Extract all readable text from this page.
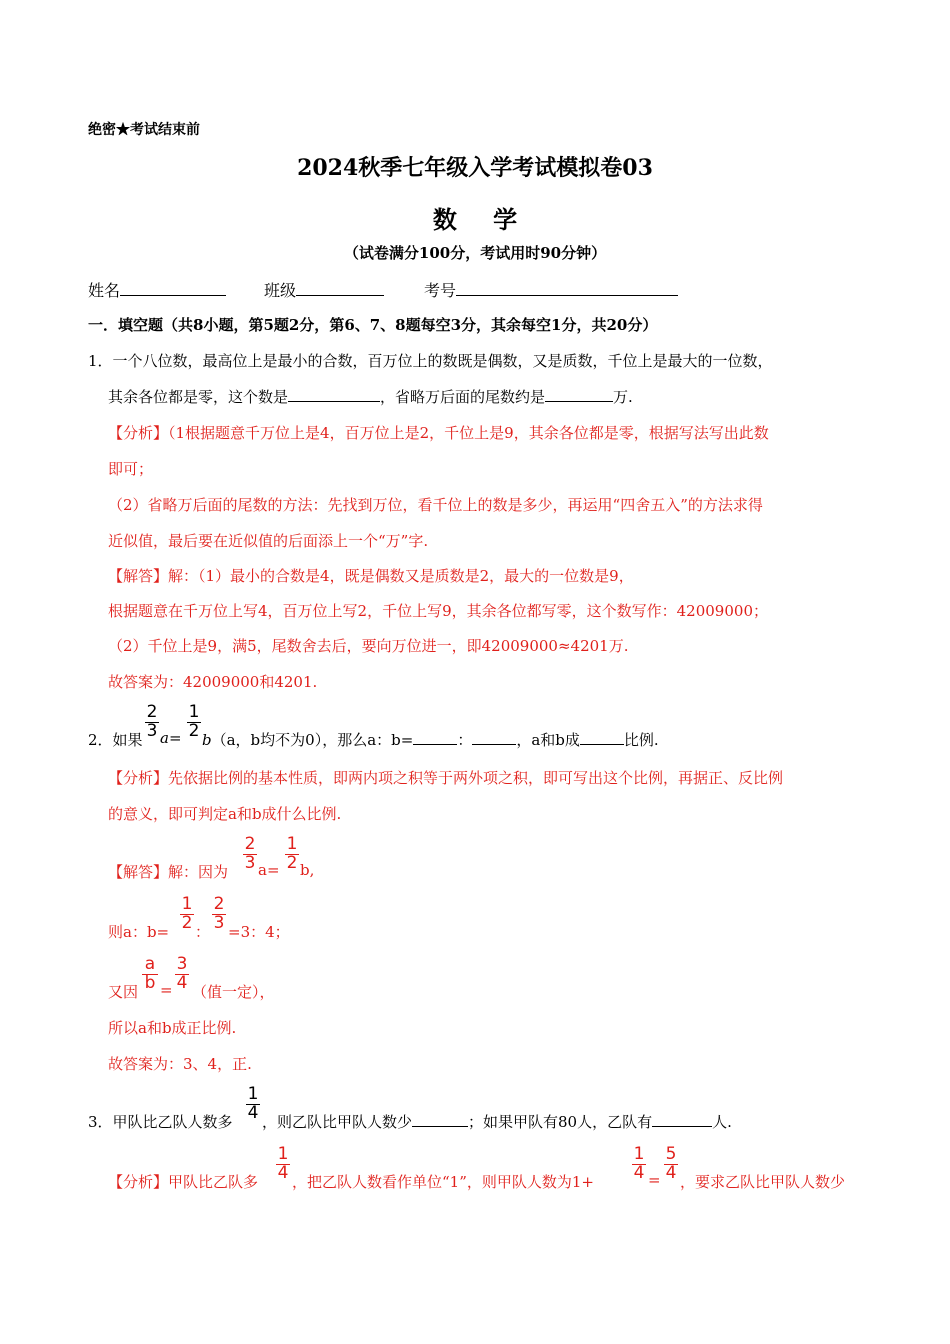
绝密★考试结束前
2024秋季七年级入学考试模拟卷03
数 学
（试卷满分100分，考试用时90分钟）
姓名	班级	考号
一．填空题（共8小题，第5题2分，第6、7、8题每空3分，其余每空1分，共20分）
1．一个八位数，最高位上是最小的合数，百万位上的数既是偶数，又是质数，千位上是最大的一位数，
其余各位都是零，这个数是	，省略万后面的尾数约是	万.
【分析】（1根据题意千万位上是4，百万位上是2，千位上是9，其余各位都是零，根据写法写出此数
即可；
（2）省略万后面的尾数的方法：先找到万位，看千位上的数是多少，再运用“四舍五入”的方法求得
近似值，最后要在近似值的后面添上一个“万”字.
【解答】解：（1）最小的合数是4，既是偶数又是质数是2，最大的一位数是9，
根据题意在千万位上写4，百万位上写2，千位上写9，其余各位都写零，这个数写作：42009000；
（2）千位上是9，满5，尾数舍去后，要向万位进一，即42009000≈4201万.
故答案为：42009000和4201.
2．如果
2
3 a=
1
2 b（a，b均不为0），那么a：b=	：	，a和b成	比例.
【分析】先依据比例的基本性质，即两内项之积等于两外项之积，即可写出这个比例，再据正、反比例
的意义，即可判定a和b成什么比例.
【解答】解：因为
2
3 a=
1
2 b,
则a：b=
1
2 ：
2
3 =3：4；
又因
a
b =
3
4 （值一定），
所以a和b成正比例.
故答案为：3、4，正.
3．甲队比乙队人数多
1
4 ，则乙队比甲队人数少	；如果甲队有80人，乙队有	人.
【分析】甲队比乙队多
1
4 ，把乙队人数看作单位“1”，则甲队人数为1+
1
4 =
5
4 ，要求乙队比甲队人数少
